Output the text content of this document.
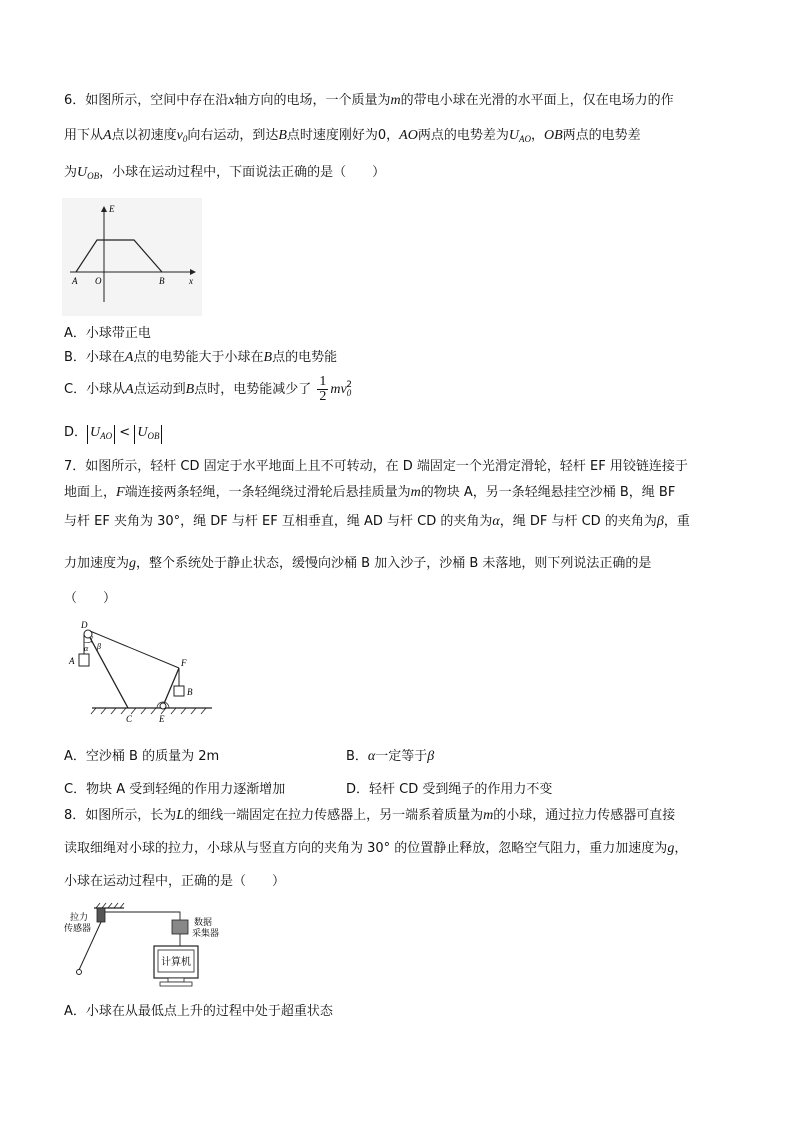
6．如图所示，空间中存在沿x轴方向的电场，一个质量为m的带电小球在光滑的水平面上，仅在电场力的作
用下从A点以初速度$v_0$向右运动，到达B点时速度刚好为0，AO两点的电势差为$U_{AO}$，OB两点的电势差
为$U_{OB}$，小球在运动过程中，下面说法正确的是（　　）
E
x
A O	B
A．小球带正电
B．小球在A点的电势能大于小球在B点的电势能
C．小球从A点运动到B点时，电势能减少了 $\frac{1}{2} mv_0^2$
D． $U_{AO} < U_{OB}$
7．如图所示，轻杆 CD 固定于水平地面上且不可转动，在 D 端固定一个光滑定滑轮，轻杆 EF 用铰链连接于
地面上，F端连接两条轻绳，一条轻绳绕过滑轮后悬挂质量为m的物块 A，另一条轻绳悬挂空沙桶 B，绳 BF
与杆 EF 夹角为 30°，绳 DF 与杆 EF 互相垂直，绳 AD 与杆 CD 的夹角为α，绳 DF 与杆 CD 的夹角为β，重
力加速度为g，整个系统处于静止状态，缓慢向沙桶 B 加入沙子，沙桶 B 未落地，则下列说法正确的是
（　　）
D
α β
A	F
B
C	E
A．空沙桶 B 的质量为 2m	B．α一定等于β
C．物块 A 受到轻绳的作用力逐渐增加	D．轻杆 CD 受到绳子的作用力不变
8．如图所示，长为L的细线一端固定在拉力传感器上，另一端系着质量为m的小球，通过拉力传感器可直接
读取细绳对小球的拉力，小球从与竖直方向的夹角为 30° 的位置静止释放，忽略空气阻力，重力加速度为g，
小球在运动过程中，正确的是（　　）
拉力
传感器
数据
采集器
计算机
A．小球在从最低点上升的过程中处于超重状态
